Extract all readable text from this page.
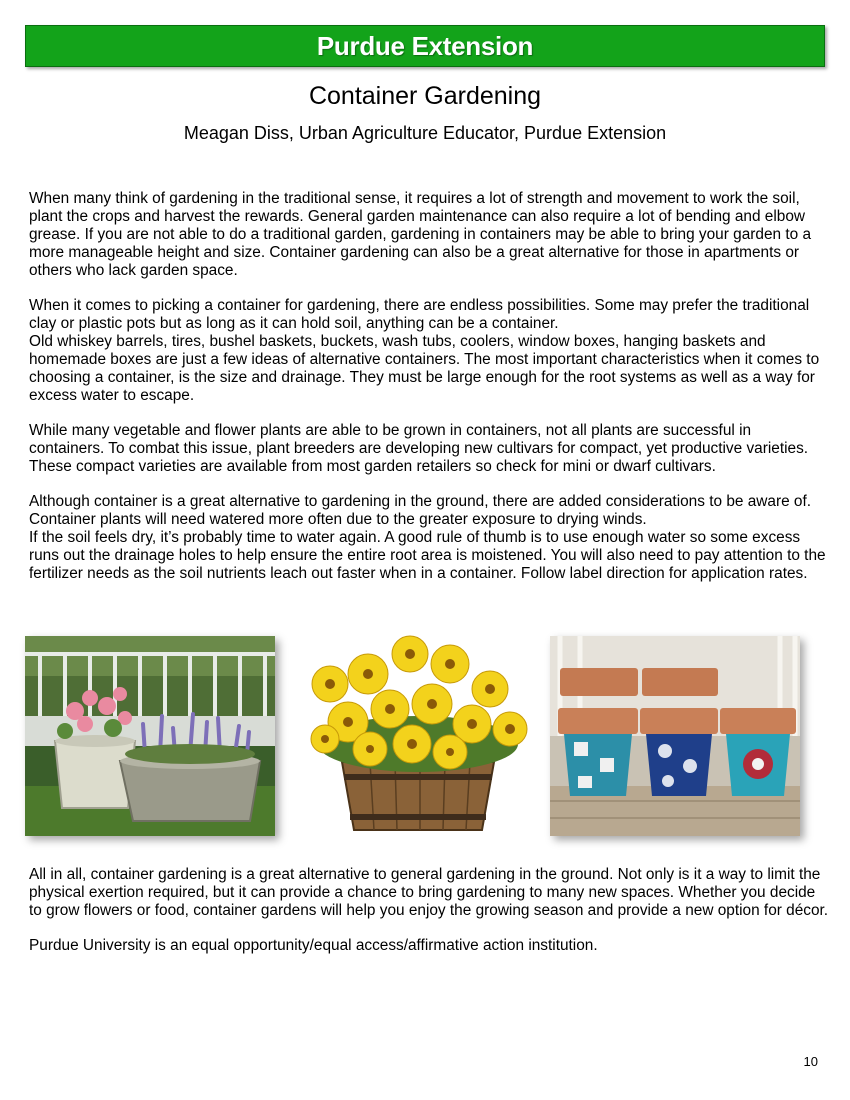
Purdue Extension
Container Gardening
Meagan Diss, Urban Agriculture Educator, Purdue Extension

When many think of gardening in the traditional sense, it requires a lot of strength and movement to work the soil, plant the crops and harvest the rewards. General garden maintenance can also require a lot of bending and elbow grease. If you are not able to do a traditional garden, gardening in containers may be able to bring your garden to a more manageable height and size. Container gardening can also be a great alternative for those in apartments or others who lack garden space.

When it comes to picking a container for gardening, there are endless possibilities. Some may prefer the traditional clay or plastic pots but as long as it can hold soil, anything can be a container.
Old whiskey barrels, tires, bushel baskets, buckets, wash tubs, coolers, window boxes, hanging baskets and homemade boxes are just a few ideas of alternative containers. The most important characteristics when it comes to choosing a container, is the size and drainage. They must be large enough for the root systems as well as a way for excess water to escape.

While many vegetable and flower plants are able to be grown in containers, not all plants are successful in containers. To combat this issue, plant breeders are developing new cultivars for compact, yet productive varieties. These compact varieties are available from most garden retailers so check for mini or dwarf cultivars.

Although container is a great alternative to gardening in the ground, there are added considerations to be aware of. Container plants will need watered more often due to the greater exposure to drying winds.
If the soil feels dry, it’s probably time to water again. A good rule of thumb is to use enough water so some excess runs out the drainage holes to help ensure the entire root area is moistened. You will also need to pay attention to the fertilizer needs as the soil nutrients leach out faster when in a container. Follow label direction for application rates.

All in all, container gardening is a great alternative to general gardening in the ground. Not only is it a way to limit the physical exertion required, but it can provide a chance to bring gardening to many new spaces. Whether you decide to grow flowers or food, container gardens will help you enjoy the growing season and provide a new option for décor.

Purdue University is an equal opportunity/equal access/affirmative action institution.

10
